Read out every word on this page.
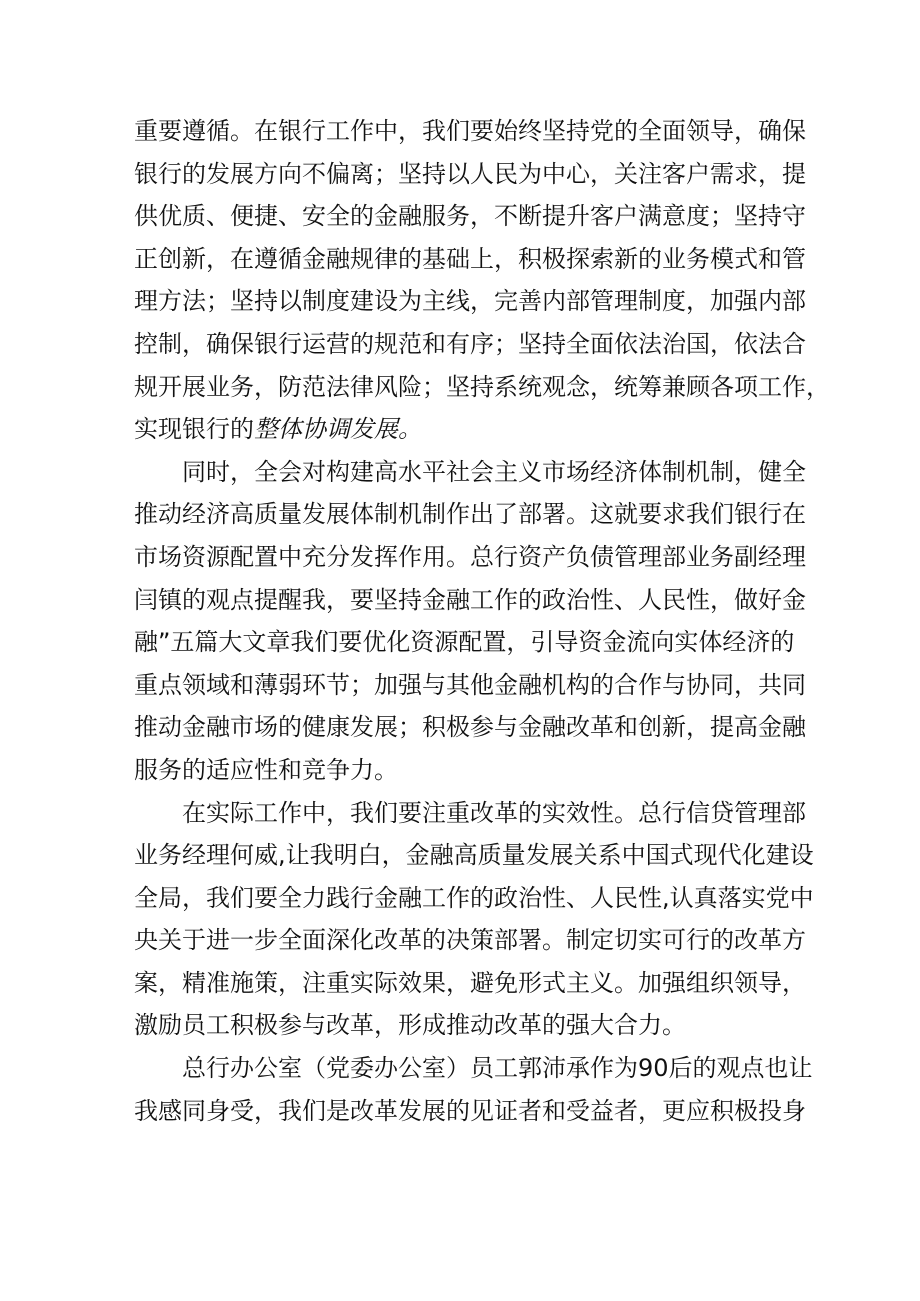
重要遵循。在银行工作中，我们要始终坚持党的全面领导，确保
银行的发展方向不偏离；坚持以人民为中心，关注客户需求，提
供优质、便捷、安全的金融服务，不断提升客户满意度；坚持守
正创新，在遵循金融规律的基础上，积极探索新的业务模式和管
理方法；坚持以制度建设为主线，完善内部管理制度，加强内部
控制，确保银行运营的规范和有序；坚持全面依法治国，依法合
规开展业务，防范法律风险；坚持系统观念，统筹兼顾各项工作，
实现银行的整体协调发展。
同时，全会对构建高水平社会主义市场经济体制机制，健全
推动经济高质量发展体制机制作出了部署。这就要求我们银行在
市场资源配置中充分发挥作用。总行资产负债管理部业务副经理
闫镇的观点提醒我，要坚持金融工作的政治性、人民性，做好金
融”五篇大文章我们要优化资源配置，引导资金流向实体经济的
重点领域和薄弱环节；加强与其他金融机构的合作与协同，共同
推动金融市场的健康发展；积极参与金融改革和创新，提高金融
服务的适应性和竞争力。
在实际工作中，我们要注重改革的实效性。总行信贷管理部
业务经理何威,让我明白，金融高质量发展关系中国式现代化建设
全局，我们要全力践行金融工作的政治性、人民性,认真落实党中
央关于进一步全面深化改革的决策部署。制定切实可行的改革方
案，精准施策，注重实际效果，避免形式主义。加强组织领导，
激励员工积极参与改革，形成推动改革的强大合力。
总行办公室（党委办公室）员工郭沛承作为90后的观点也让
我感同身受，我们是改革发展的见证者和受益者，更应积极投身
